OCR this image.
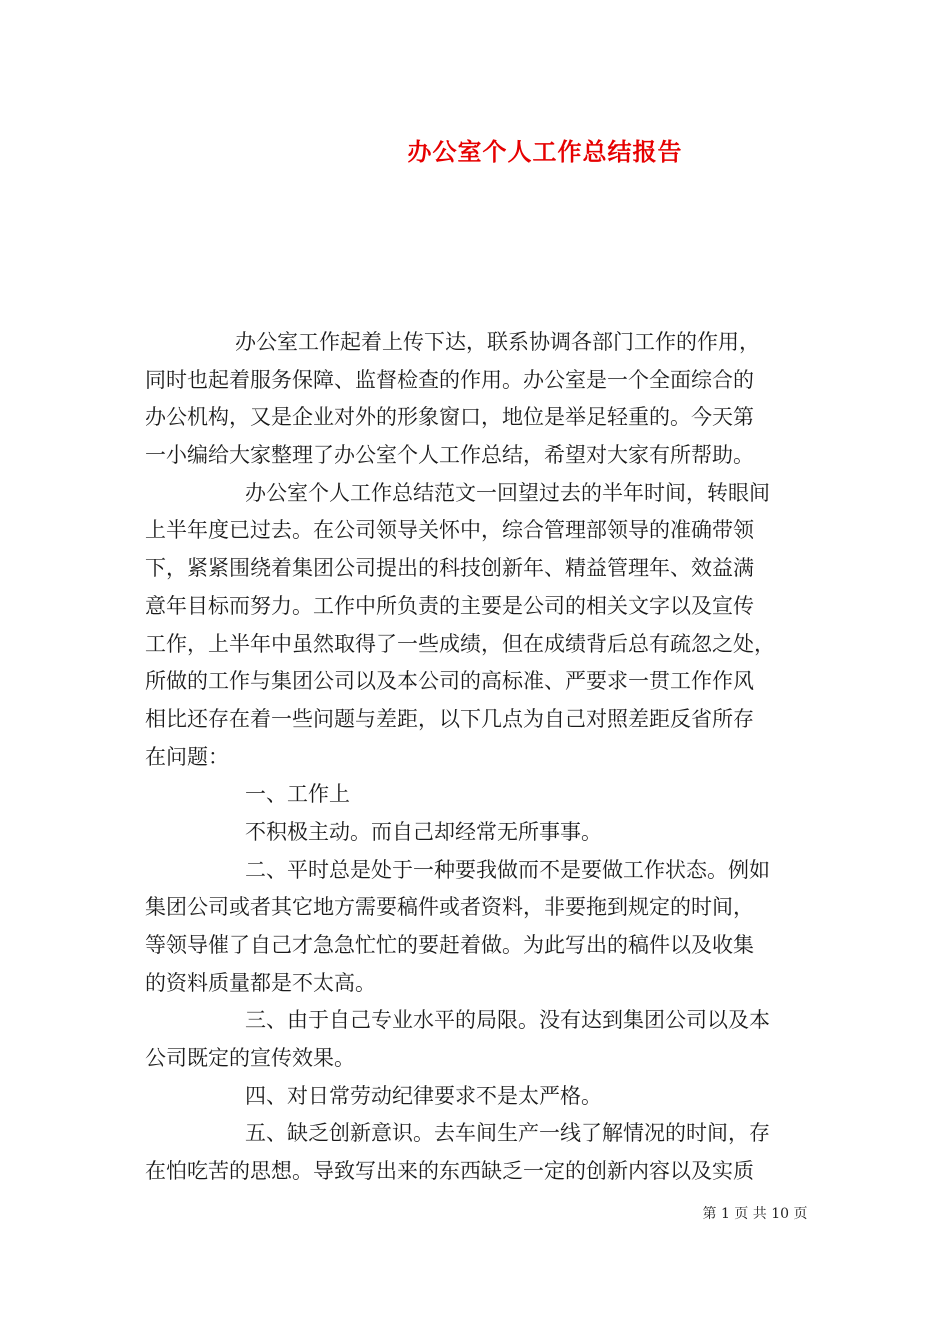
办公室个人工作总结报告
办公室工作起着上传下达，联系协调各部门工作的作用，
同时也起着服务保障、监督检查的作用。办公室是一个全面综合的
办公机构，又是企业对外的形象窗口，地位是举足轻重的。今天第
一小编给大家整理了办公室个人工作总结，希望对大家有所帮助。
办公室个人工作总结范文一回望过去的半年时间，转眼间
上半年度已过去。在公司领导关怀中，综合管理部领导的准确带领
下，紧紧围绕着集团公司提出的科技创新年、精益管理年、效益满
意年目标而努力。工作中所负责的主要是公司的相关文字以及宣传
工作，上半年中虽然取得了一些成绩，但在成绩背后总有疏忽之处，
所做的工作与集团公司以及本公司的高标准、严要求一贯工作作风
相比还存在着一些问题与差距，以下几点为自己对照差距反省所存
在问题：
一、工作上
不积极主动。而自己却经常无所事事。
二、平时总是处于一种要我做而不是要做工作状态。例如
集团公司或者其它地方需要稿件或者资料，非要拖到规定的时间，
等领导催了自己才急急忙忙的要赶着做。为此写出的稿件以及收集
的资料质量都是不太高。
三、由于自己专业水平的局限。没有达到集团公司以及本
公司既定的宣传效果。
四、对日常劳动纪律要求不是太严格。
五、缺乏创新意识。去车间生产一线了解情况的时间，存
在怕吃苦的思想。导致写出来的东西缺乏一定的创新内容以及实质
第 1 页 共 10 页
